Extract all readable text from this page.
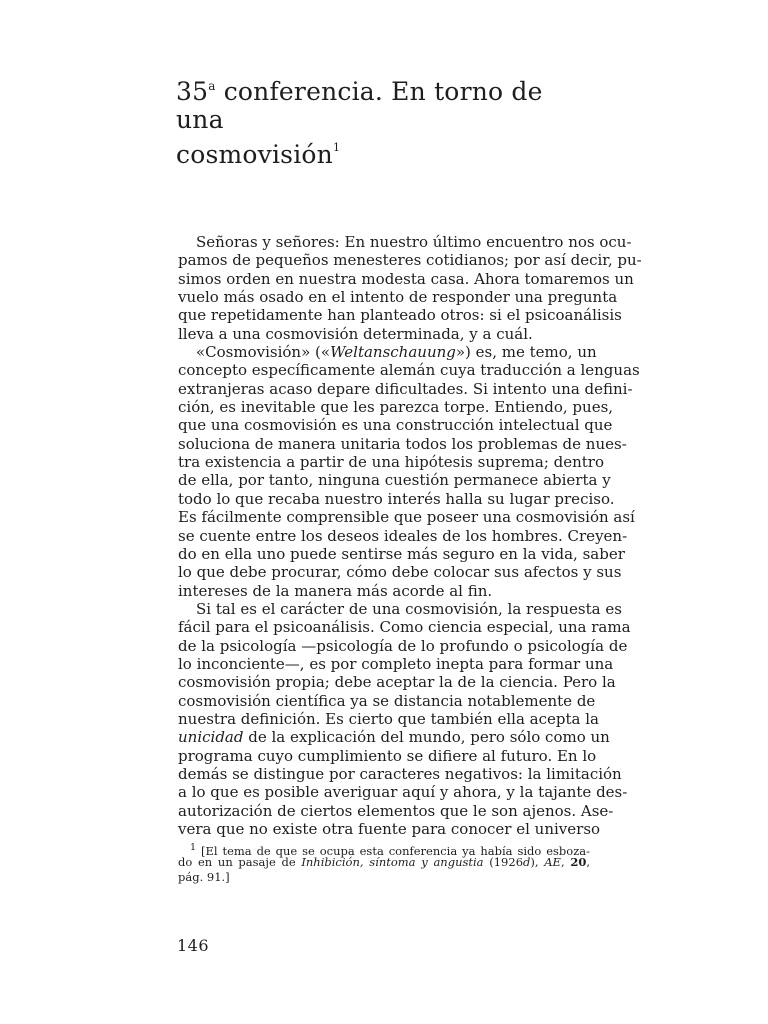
35$^a$ conferencia. En torno de una
cosmovisión$^1$
Señoras y señores: En nuestro último encuentro nos ocu-
pamos de pequeños menesteres cotidianos; por así decir, pu-
simos orden en nuestra modesta casa. Ahora tomaremos un
vuelo más osado en el intento de responder una pregunta
que repetidamente han planteado otros: si el psicoanálisis
lleva a una cosmovisión determinada, y a cuál.
«Cosmovisión» («Weltanschauung») es, me temo, un
concepto específicamente alemán cuya traducción a lenguas
extranjeras acaso depare dificultades. Si intento una defini-
ción, es inevitable que les parezca torpe. Entiendo, pues,
que una cosmovisión es una construcción intelectual que
soluciona de manera unitaria todos los problemas de nues-
tra existencia a partir de una hipótesis suprema; dentro
de ella, por tanto, ninguna cuestión permanece abierta y
todo lo que recaba nuestro interés halla su lugar preciso.
Es fácilmente comprensible que poseer una cosmovisión así
se cuente entre los deseos ideales de los hombres. Creyen-
do en ella uno puede sentirse más seguro en la vida, saber
lo que debe procurar, cómo debe colocar sus afectos y sus
intereses de la manera más acorde al fin.
Si tal es el carácter de una cosmovisión, la respuesta es
fácil para el psicoanálisis. Como ciencia especial, una rama
de la psicología —psicología de lo profundo o psicología de
lo inconciente—, es por completo inepta para formar una
cosmovisión propia; debe aceptar la de la ciencia. Pero la
cosmovisión científica ya se distancia notablemente de
nuestra definición. Es cierto que también ella acepta la
unicidad de la explicación del mundo, pero sólo como un
programa cuyo cumplimiento se difiere al futuro. En lo
demás se distingue por caracteres negativos: la limitación
a lo que es posible averiguar aquí y ahora, y la tajante des-
autorización de ciertos elementos que le son ajenos. Ase-
vera que no existe otra fuente para conocer el universo
$^1$ [El tema de que se ocupa esta conferencia ya había sido esboza-
do en un pasaje de Inhibición, síntoma y angustia (1926d), AE, 20,
pág. 91.]
146
